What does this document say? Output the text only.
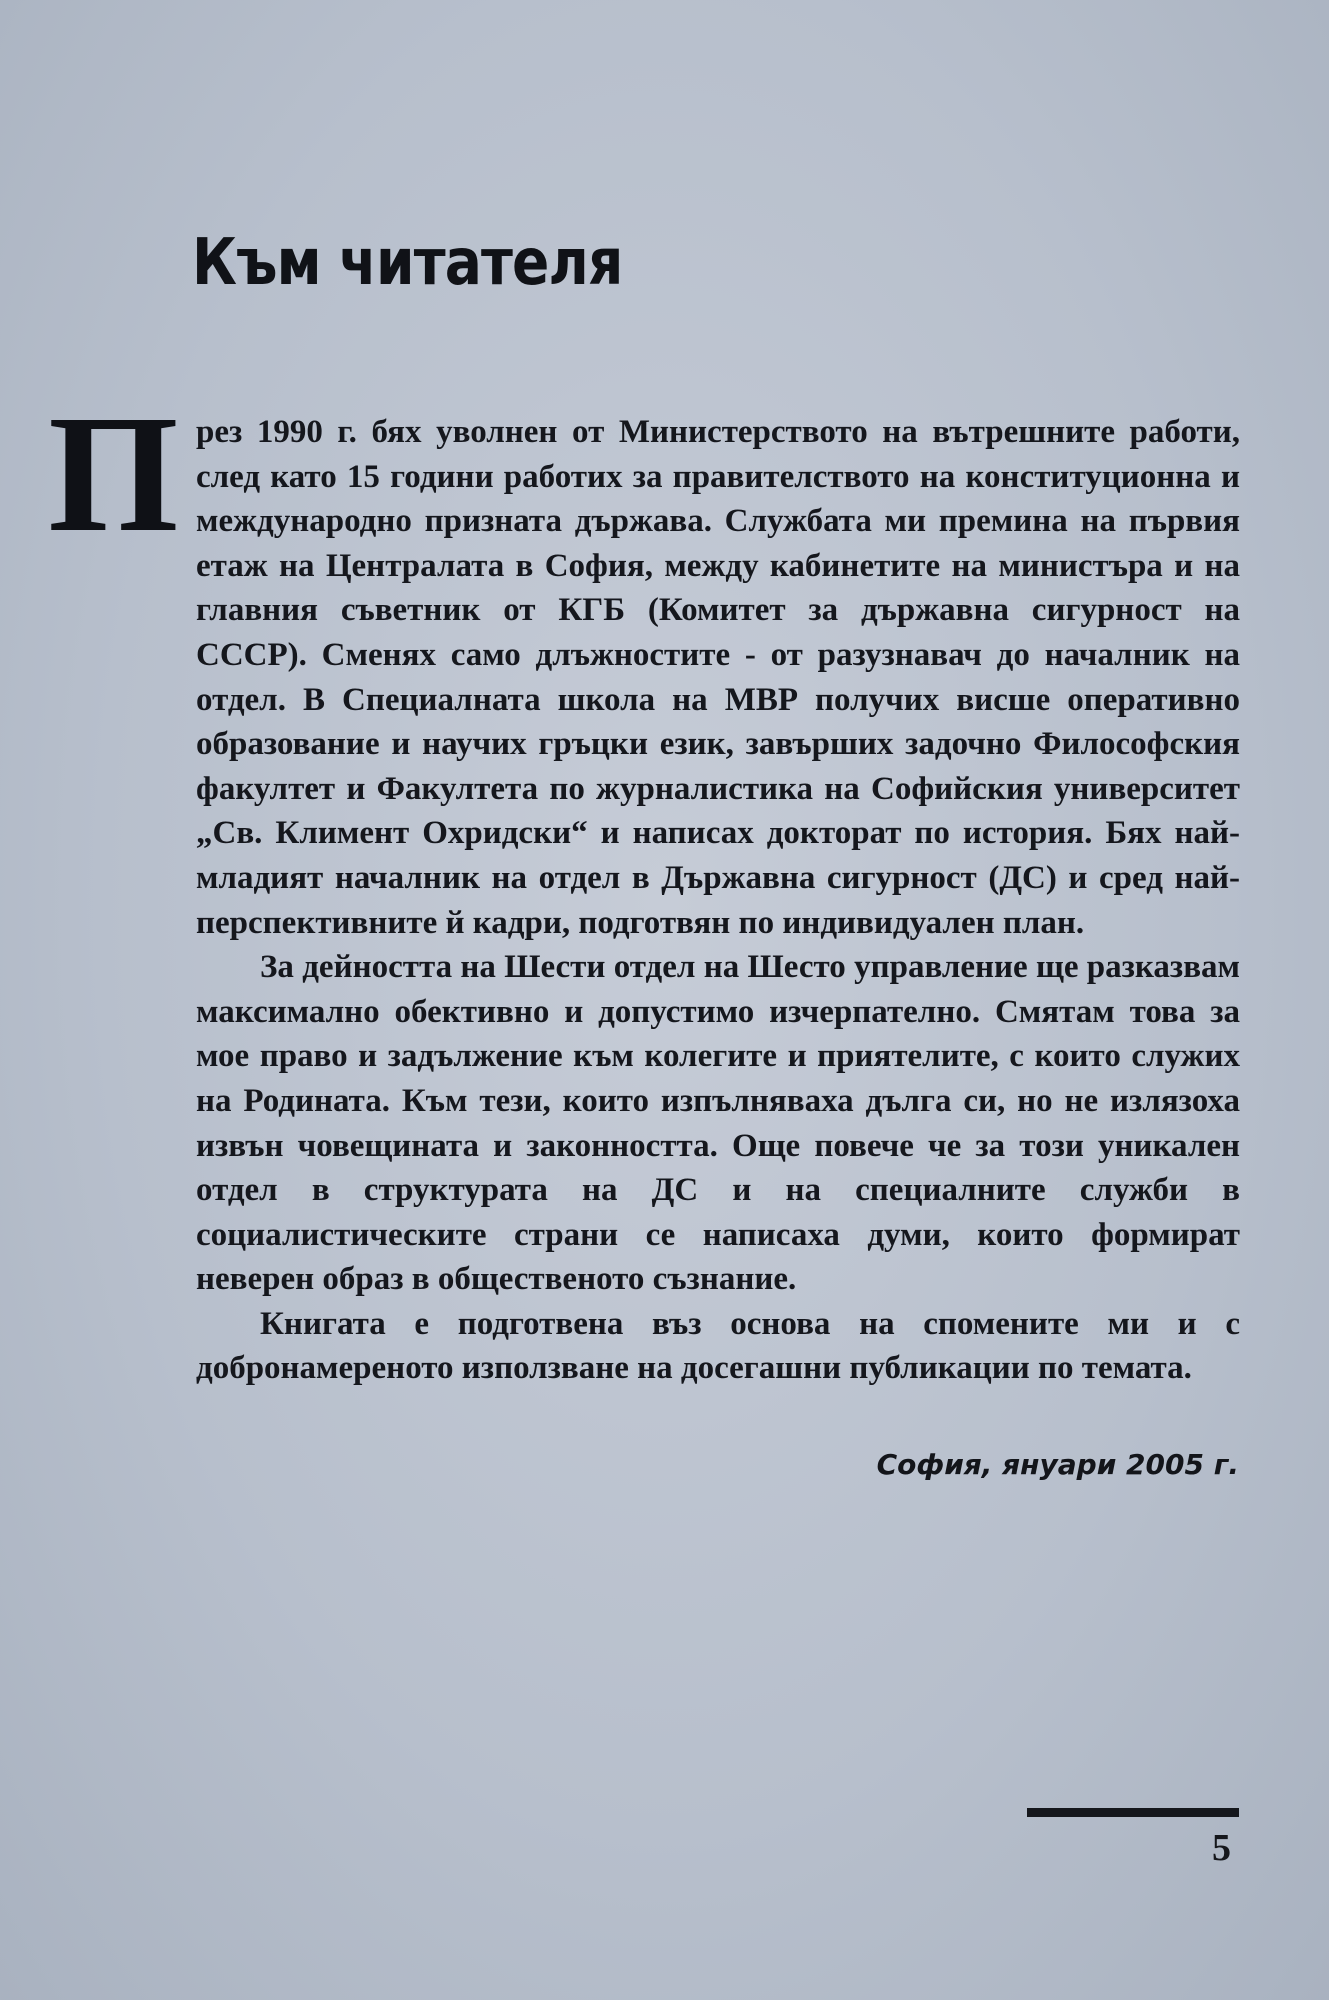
Към читателя
П рез 1990 г. бях уволнен от Министерството на вътрешните работи, след като 15 години работих за правителството на конституционна и международно призната държава. Службата ми премина на първия етаж на Централата в София, между кабинетите на министъра и на главния съветник от КГБ (Комитет за държавна сигурност на СССР). Сменях само длъжностите - от разузнавач до началник на отдел. В Специалната школа на МВР получих висше оперативно образование и научих гръцки език, завърших задочно Философския факултет и Факултета по журналистика на Софийския университет „Св. Климент Охридски“ и написах докторат по история. Бях най-младият началник на отдел в Държавна сигурност (ДС) и сред най-перспективните й кадри, подготвян по индивидуален план.

За дейността на Шести отдел на Шесто управление ще разказвам максимално обективно и допустимо изчерпателно. Смятам това за мое право и задължение към колегите и приятелите, с които служих на Родината. Към тези, които изпълняваха дълга си, но не излязоха извън човещината и законността. Още повече че за този уникален отдел в структурата на ДС и на специалните служби в социалистическите страни се написаха думи, които формират неверен образ в общественото съзнание.

Книгата е подготвена въз основа на спомените ми и с добронамереното използване на досегашни публикации по темата.

София, януари 2005 г.
5
